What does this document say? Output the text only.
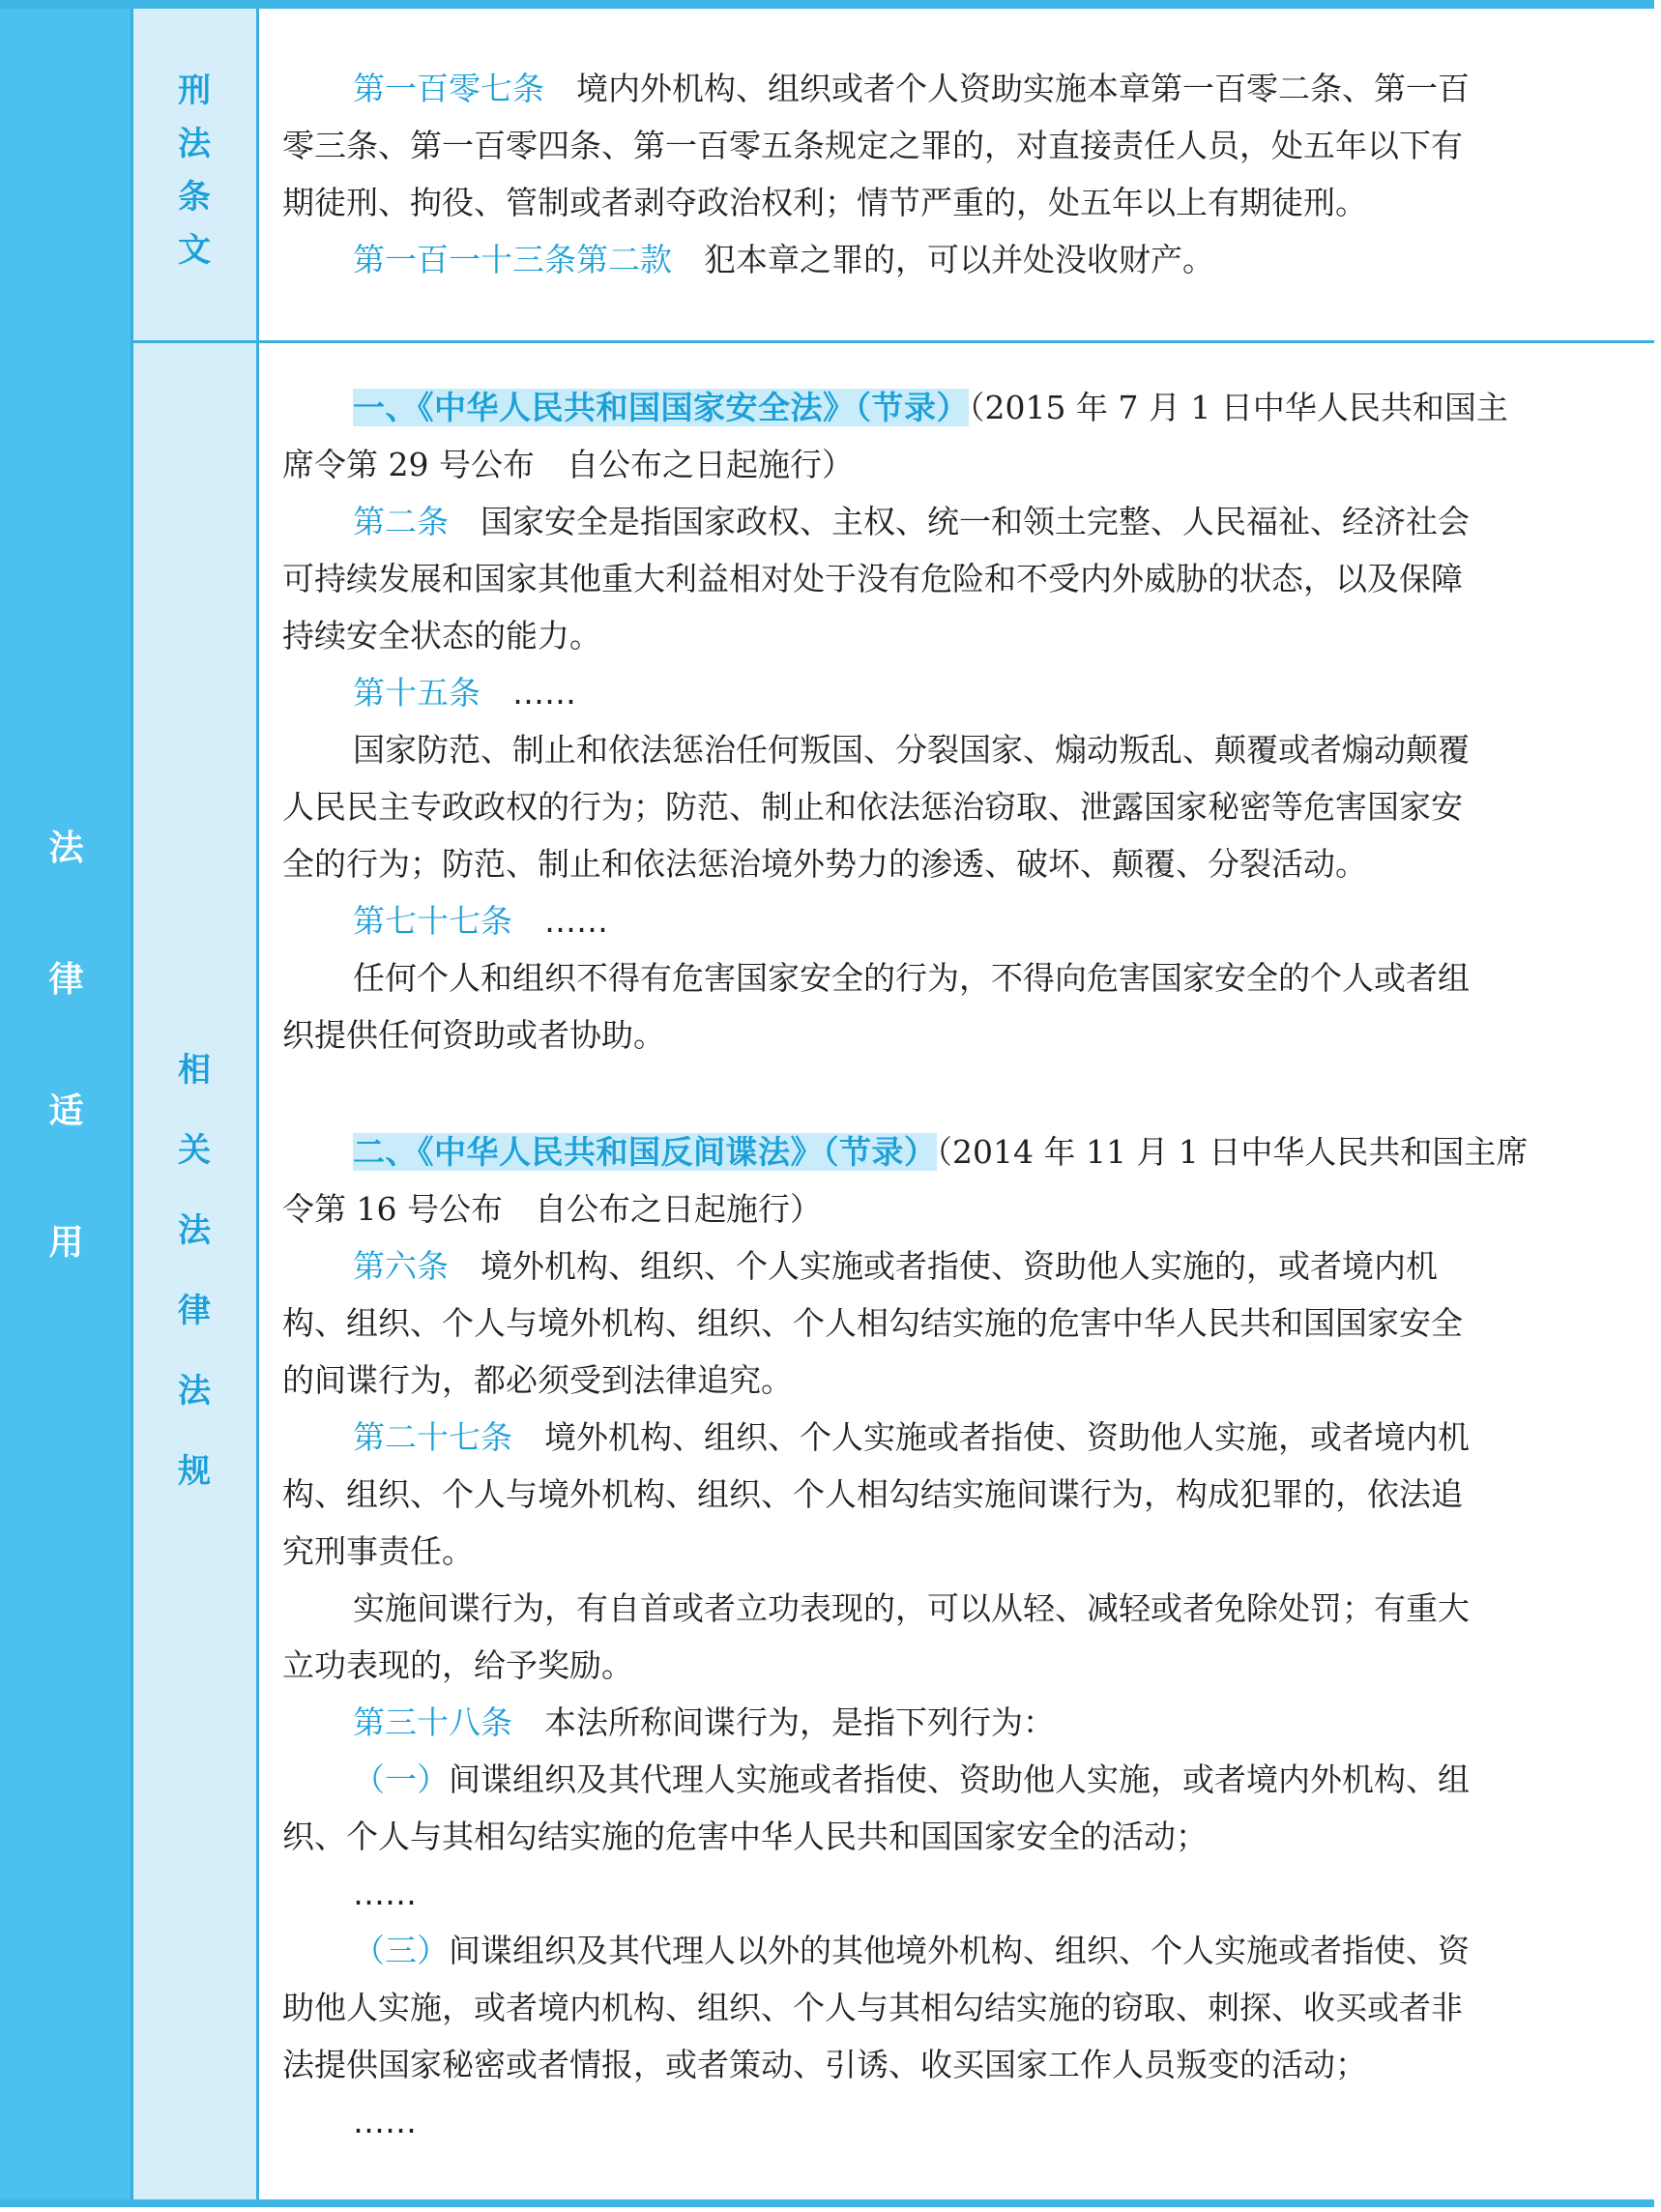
法
律
适
用
刑
法
条
文
相
关
法
律
法
规

第一百零七条　 境内外机构、组织或者个人资助实施本章第一百零二条、第一百

零三条、第一百零四条、第一百零五条规定之罪的，对直接责任人员，处五年以下有

期徒刑、拘役、管制或者剥夺政治权利；情节严重的，处五年以上有期徒刑。

第一百一十三条第二款　 犯本章之罪的，可以并处没收财产。

一、《中华人民共和国国家安全法》（节录）（2015 年 7 月 1 日中华人民共和国主

席令第 29 号公布　自公布之日起施行）

第二条　 国家安全是指国家政权、主权、统一和领土完整、人民福祉、经济社会

可持续发展和国家其他重大利益相对处于没有危险和不受内外威胁的状态，以及保障

持续安全状态的能力。

第十五条　 ……

国家防范、制止和依法惩治任何叛国、分裂国家、煽动叛乱、颠覆或者煽动颠覆

人民民主专政政权的行为；防范、制止和依法惩治窃取、泄露国家秘密等危害国家安

全的行为；防范、制止和依法惩治境外势力的渗透、破坏、颠覆、分裂活动。

第七十七条　 ……

任何个人和组织不得有危害国家安全的行为，不得向危害国家安全的个人或者组

织提供任何资助或者协助。

二、《中华人民共和国反间谍法》（节录）（2014 年 11 月 1 日中华人民共和国主席

令第 16 号公布　自公布之日起施行）

第六条　 境外机构、组织、个人实施或者指使、资助他人实施的，或者境内机

构、组织、个人与境外机构、组织、个人相勾结实施的危害中华人民共和国国家安全

的间谍行为，都必须受到法律追究。

第二十七条　 境外机构、组织、个人实施或者指使、资助他人实施，或者境内机

构、组织、个人与境外机构、组织、个人相勾结实施间谍行为，构成犯罪的，依法追

究刑事责任。

实施间谍行为，有自首或者立功表现的，可以从轻、减轻或者免除处罚；有重大

立功表现的，给予奖励。

第三十八条　 本法所称间谍行为，是指下列行为：

（一）间谍组织及其代理人实施或者指使、资助他人实施，或者境内外机构、组

织、个人与其相勾结实施的危害中华人民共和国国家安全的活动；

……

（三）间谍组织及其代理人以外的其他境外机构、组织、个人实施或者指使、资

助他人实施，或者境内机构、组织、个人与其相勾结实施的窃取、刺探、收买或者非

法提供国家秘密或者情报，或者策动、引诱、收买国家工作人员叛变的活动；

……
